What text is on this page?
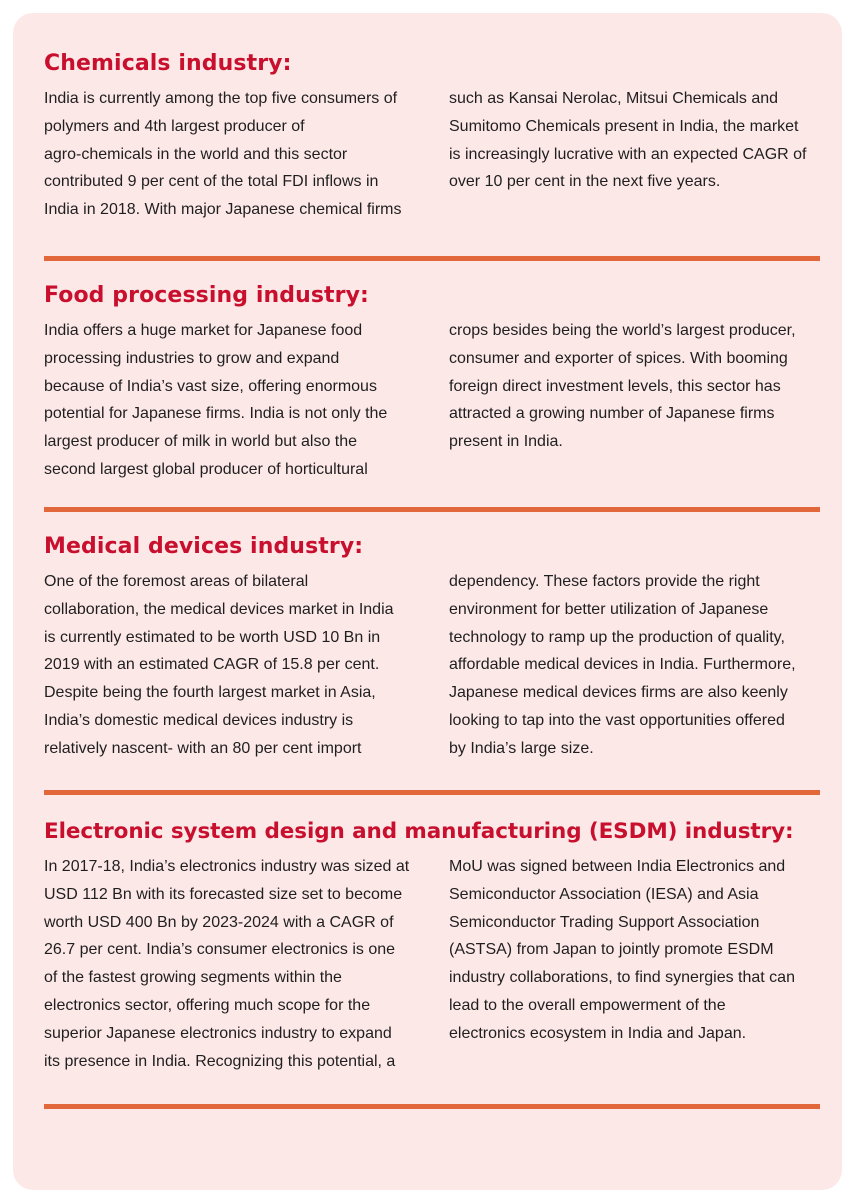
Chemicals industry:

India is currently among the top five consumers of

polymers and 4th largest producer of

agro-chemicals in the world and this sector

contributed 9 per cent of the total FDI inflows in

India in 2018. With major Japanese chemical firms

such as Kansai Nerolac, Mitsui Chemicals and

Sumitomo Chemicals present in India, the market

is increasingly lucrative with an expected CAGR of

over 10 per cent in the next five years.

Food processing industry:

India offers a huge market for Japanese food

processing industries to grow and expand

because of India’s vast size, offering enormous

potential for Japanese firms. India is not only the

largest producer of milk in world but also the

second largest global producer of horticultural

crops besides being the world’s largest producer,

consumer and exporter of spices. With booming

foreign direct investment levels, this sector has

attracted a growing number of Japanese firms

present in India.

Medical devices industry:

One of the foremost areas of bilateral

collaboration, the medical devices market in India

is currently estimated to be worth USD 10 Bn in

2019 with an estimated CAGR of 15.8 per cent.

Despite being the fourth largest market in Asia,

India’s domestic medical devices industry is

relatively nascent- with an 80 per cent import

dependency. These factors provide the right

environment for better utilization of Japanese

technology to ramp up the production of quality,

affordable medical devices in India. Furthermore,

Japanese medical devices firms are also keenly

looking to tap into the vast opportunities offered

by India’s large size.

Electronic system design and manufacturing (ESDM) industry:

In 2017-18, India’s electronics industry was sized at

USD 112 Bn with its forecasted size set to become

worth USD 400 Bn by 2023-2024 with a CAGR of

26.7 per cent. India’s consumer electronics is one

of the fastest growing segments within the

electronics sector, offering much scope for the

superior Japanese electronics industry to expand

its presence in India. Recognizing this potential, a

MoU was signed between India Electronics and

Semiconductor Association (IESA) and Asia

Semiconductor Trading Support Association

(ASTSA) from Japan to jointly promote ESDM

industry collaborations, to find synergies that can

lead to the overall empowerment of the

electronics ecosystem in India and Japan.
